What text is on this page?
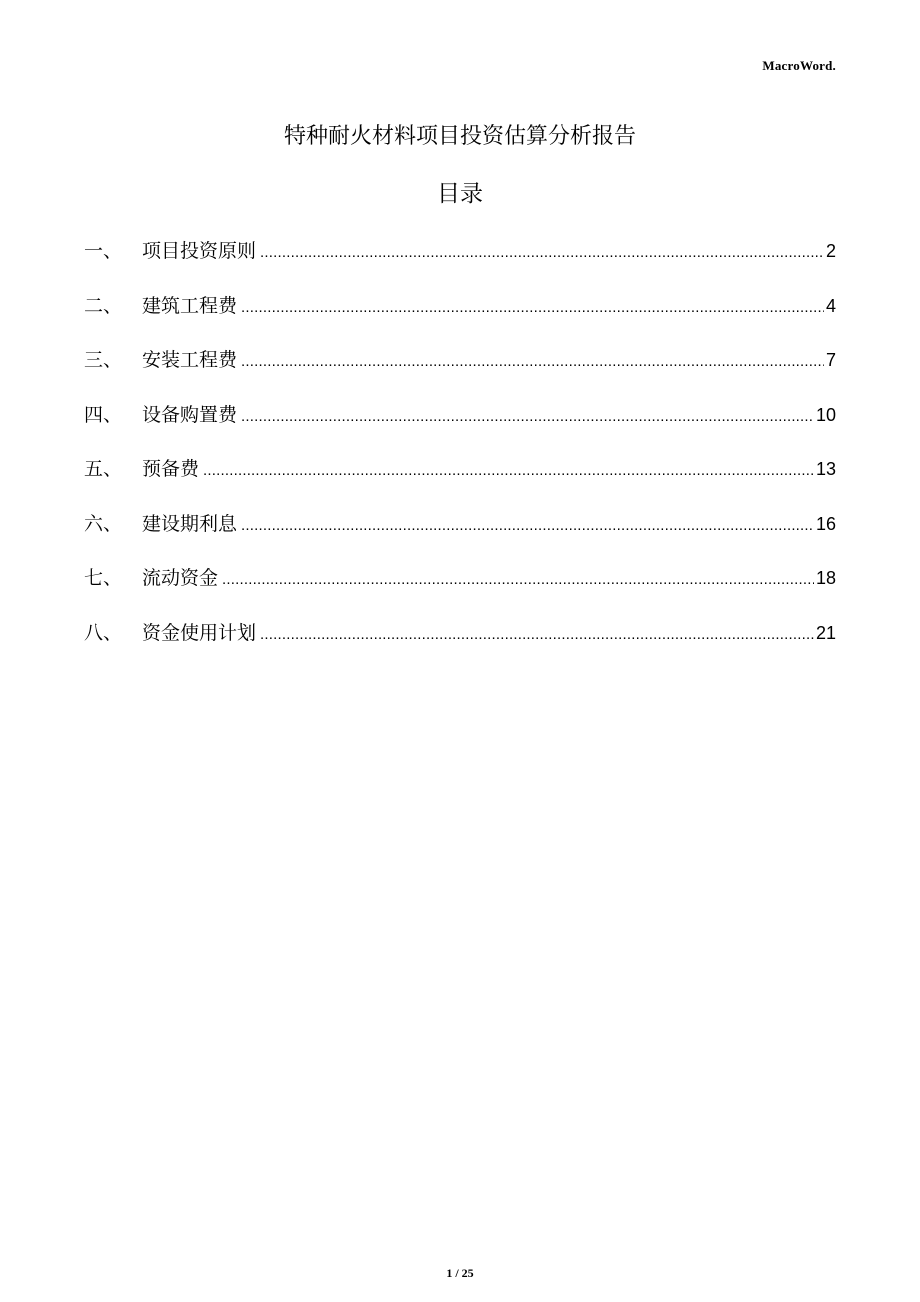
MacroWord.
特种耐火材料项目投资估算分析报告
目录
一、	项目投资原则 .....	2
二、	建筑工程费 .....	4
三、	安装工程费 .....	7
四、	设备购置费 .....	10
五、	预备费 .....	13
六、	建设期利息 .....	16
七、	流动资金 .....	18
八、	资金使用计划 .....	21
1 / 25
